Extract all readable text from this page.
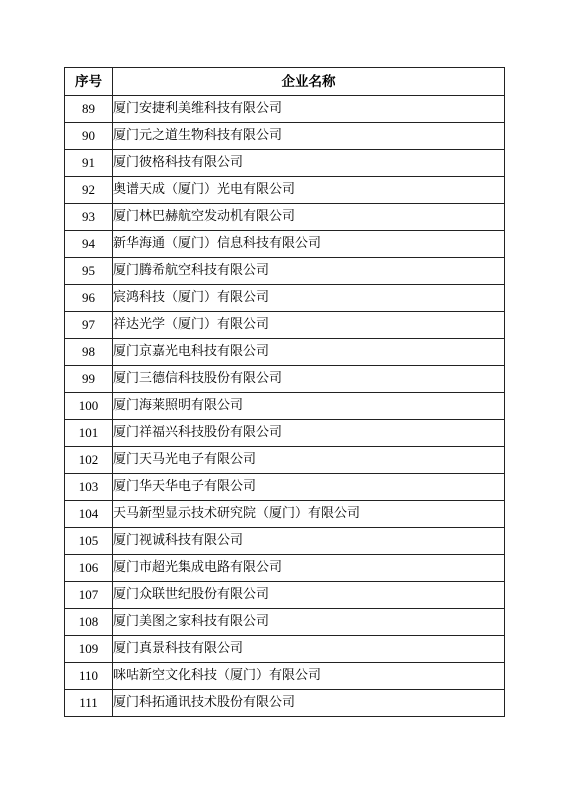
序号	企业名称
89	厦门安捷利美维科技有限公司
90	厦门元之道生物科技有限公司
91	厦门彼格科技有限公司
92	奥谱天成（厦门）光电有限公司
93	厦门林巴赫航空发动机有限公司
94	新华海通（厦门）信息科技有限公司
95	厦门腾希航空科技有限公司
96	宸鸿科技（厦门）有限公司
97	祥达光学（厦门）有限公司
98	厦门京嘉光电科技有限公司
99	厦门三德信科技股份有限公司
100	厦门海莱照明有限公司
101	厦门祥福兴科技股份有限公司
102	厦门天马光电子有限公司
103	厦门华天华电子有限公司
104	天马新型显示技术研究院（厦门）有限公司
105	厦门视诚科技有限公司
106	厦门市超光集成电路有限公司
107	厦门众联世纪股份有限公司
108	厦门美图之家科技有限公司
109	厦门真景科技有限公司
110	咪咕新空文化科技（厦门）有限公司
111	厦门科拓通讯技术股份有限公司
